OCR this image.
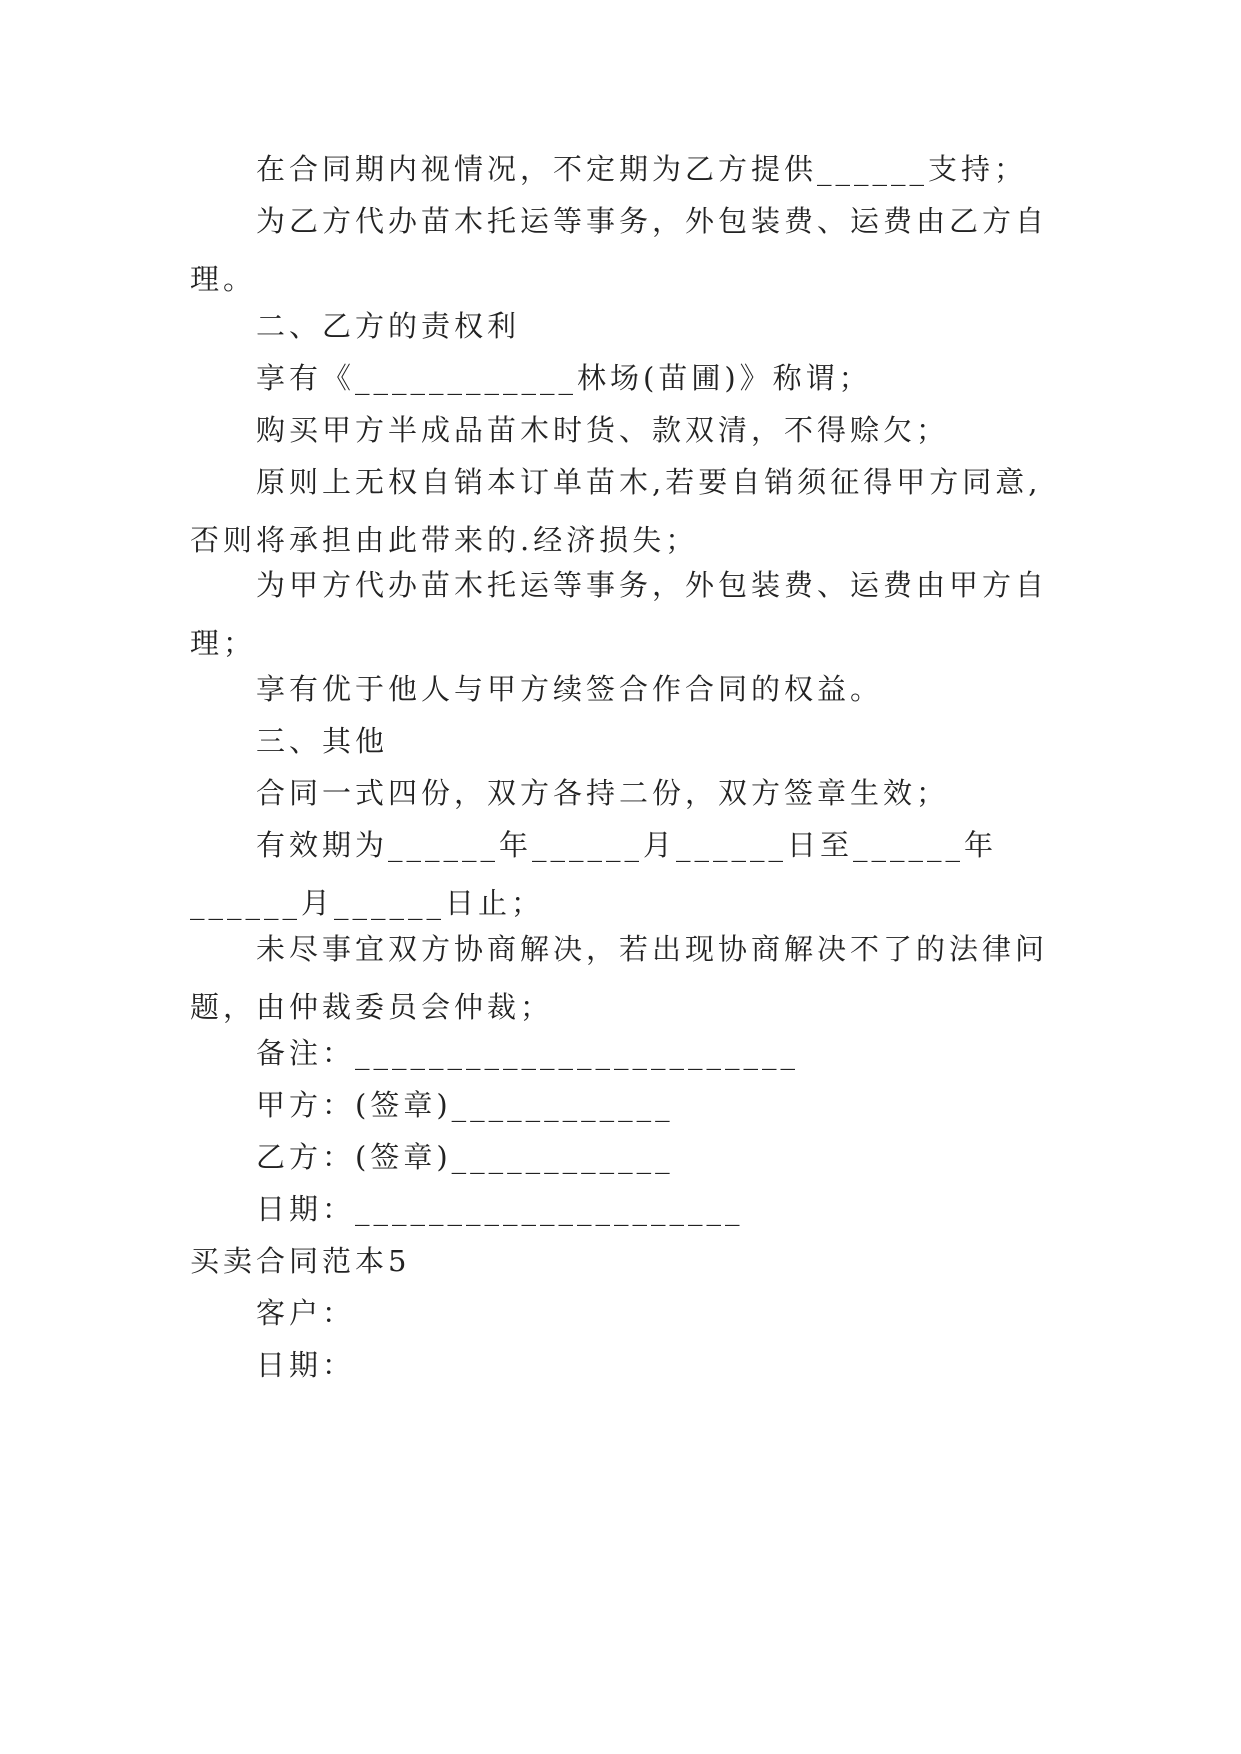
在合同期内视情况，不定期为乙方提供______支持；

为乙方代办苗木托运等事务，外包装费、运费由乙方自理。

二、乙方的责权利

享有《____________林场(苗圃)》称谓；

购买甲方半成品苗木时货、款双清，不得赊欠；

原则上无权自销本订单苗木,若要自销须征得甲方同意,否则将承担由此带来的.经济损失；

为甲方代办苗木托运等事务，外包装费、运费由甲方自理；

享有优于他人与甲方续签合作合同的权益。

三、其他

合同一式四份，双方各持二份，双方签章生效；

有效期为______年______月______日至______年______月______日止；

未尽事宜双方协商解决，若出现协商解决不了的法律问题，由仲裁委员会仲裁；

备注：________________________

甲方：(签章)____________

乙方：(签章)____________

日期：_____________________

买卖合同范本5

客户：

日期：
